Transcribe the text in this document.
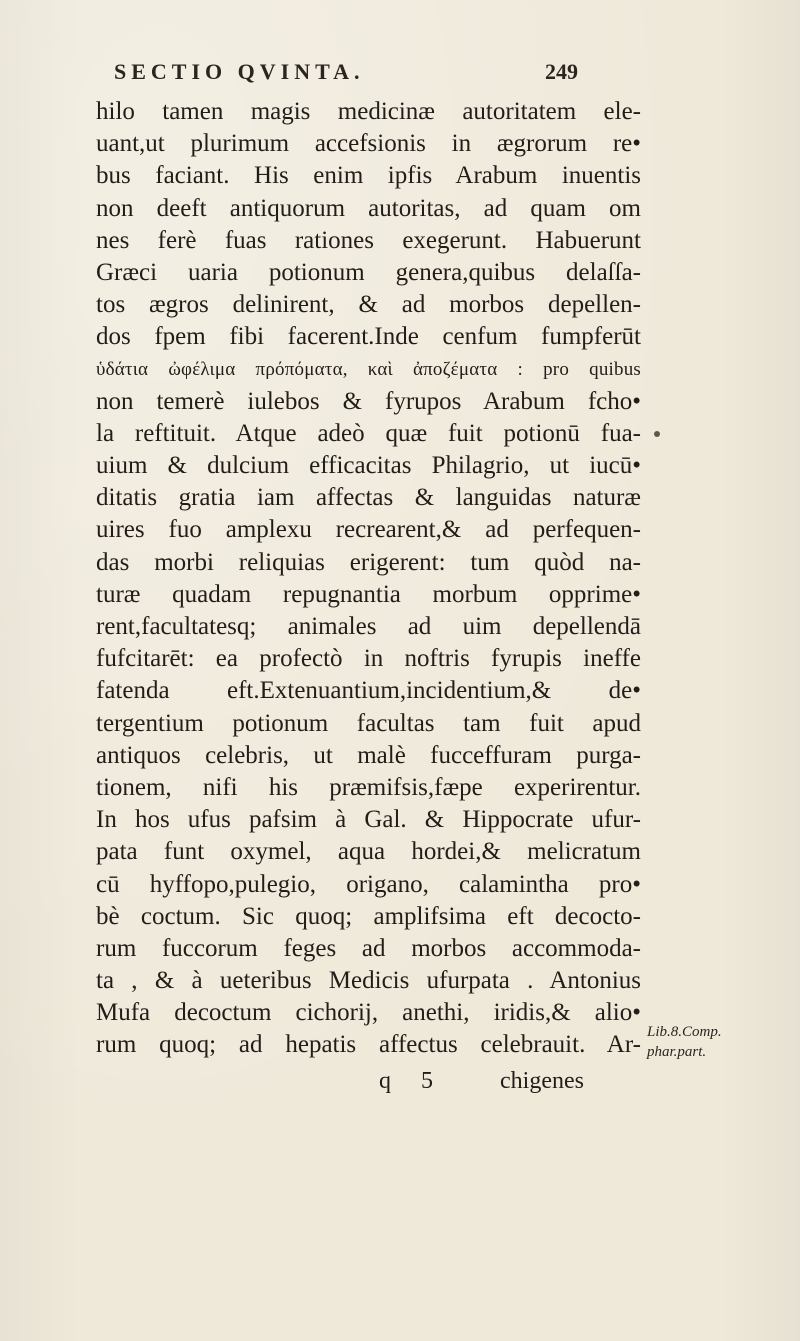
SECTIO QVINTA.	249
hilo tamen magis medicinæ autoritatem ele-
uant,ut plurimum accefsionis in ægrorum re•
bus faciant. His enim ipfis Arabum inuentis
non deeft antiquorum autoritas, ad quam om
nes ferè fuas rationes exegerunt. Habuerunt
Græci uaria potionum genera,quibus delaſſa-
tos ægros delinirent, & ad morbos depellen-
dos fpem fibi facerent.Inde cenfum fumpferūt
ὑδάτια ὠφέλιμα πρόπόματα, καὶ ἀποζέματα : pro quibus
non temerè iulebos & fyrupos Arabum fcho•
la reftituit. Atque adeò quæ fuit potionū fua-
uium & dulcium efficacitas Philagrio, ut iucū•
ditatis gratia iam affectas & languidas naturæ
uires fuo amplexu recrearent,& ad perfequen-
das morbi reliquias erigerent: tum quòd na-
turæ quadam repugnantia morbum opprime•
rent,facultatesq; animales ad uim depellendā
fufcitarēt: ea profectò in noftris fyrupis ineffe
fatenda eft.Extenuantium,incidentium,& de•
tergentium potionum facultas tam fuit apud
antiquos celebris, ut malè fucceffuram purga-
tionem, nifi his præmifsis,fæpe experirentur.
In hos ufus pafsim à Gal. & Hippocrate ufur-
pata funt oxymel, aqua hordei,& melicratum
cū hyffopo,pulegio, origano, calamintha pro•
bè coctum. Sic quoq; amplifsima eft decocto-
rum fuccorum feges ad morbos accommoda-
ta , & à ueteribus Medicis ufurpata . Antonius
Mufa decoctum cichorij, anethi, iridis,& alio•
rum quoq; ad hepatis affectus celebrauit. Ar- Lib.8.Comp.
phar.part.
q 5 chigenes
